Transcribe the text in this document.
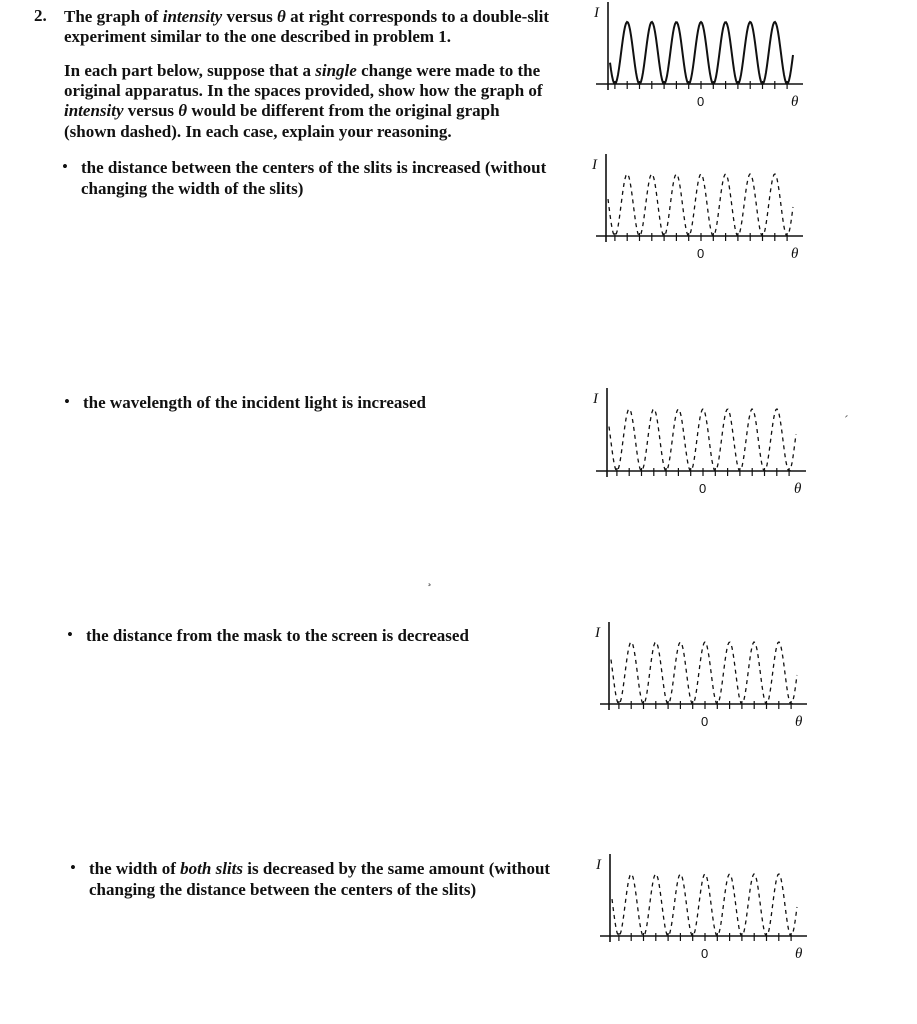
2. The graph of intensity versus θ at right corresponds to a double-slit
experiment similar to the one described in problem 1.
In each part below, suppose that a single change were made to the
original apparatus. In the spaces provided, show how the graph of
intensity versus θ would be different from the original graph
(shown dashed). In each case, explain your reasoning.
• the distance between the centers of the slits is increased (without
changing the width of the slits)
• the wavelength of the incident light is increased
• the distance from the mask to the screen is decreased
• the width of both slits is decreased by the same amount (without
changing the distance between the centers of the slits)
´
¸
I
θ
0
I
θ
0
I
θ
0
I
θ
0
I
θ
0
